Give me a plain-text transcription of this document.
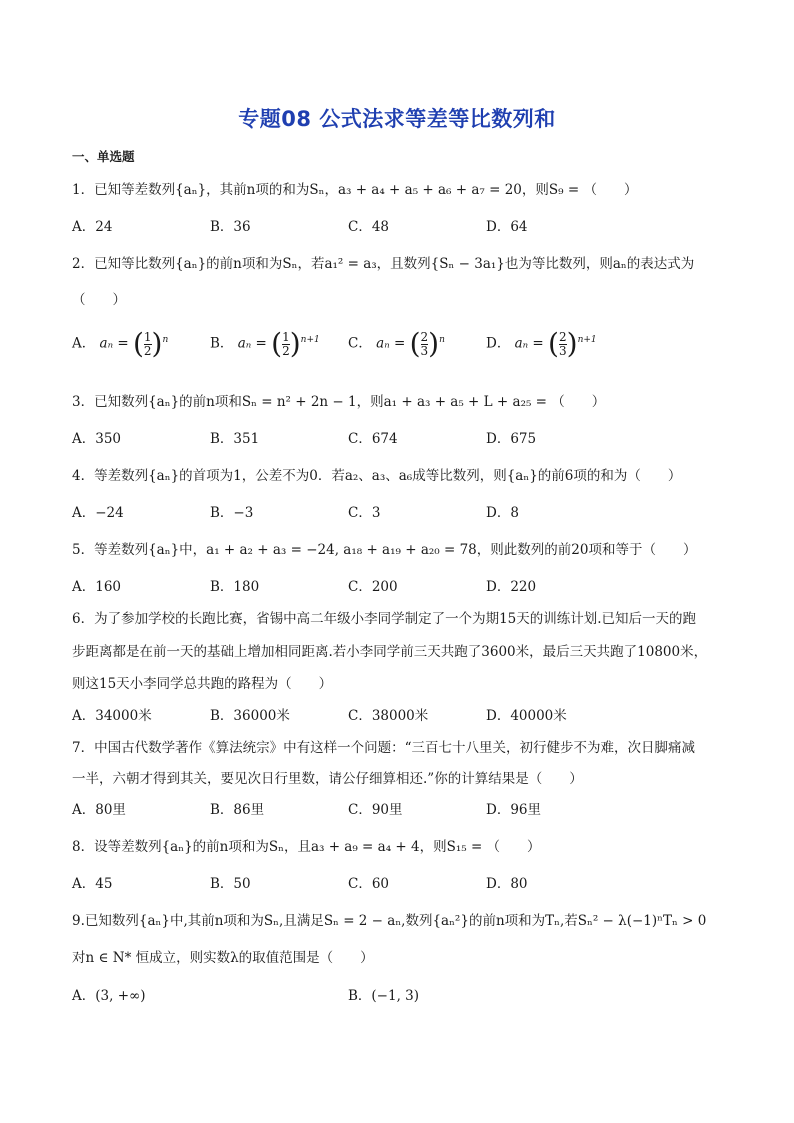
专题08 公式法求等差等比数列和
一、单选题
1．已知等差数列{aₙ}，其前n项的和为Sₙ，a₃ + a₄ + a₅ + a₆ + a₇ = 20，则S₉ = （　　）
A．24	B．36	C．48	D．64
2．已知等比数列{aₙ}的前n项和为Sₙ，若a₁² = a₃，且数列{Sₙ − 3a₁}也为等比数列，则aₙ的表达式为
（　　）
A． aₙ = ( $\frac{1}{2} )^n$	B． aₙ = ( $\frac{1}{2} )^{n+1}$ C． aₙ = ( $\frac{2}{3} )^n$	D． aₙ = ( $\frac{2}{3} )^{n+1}$
3．已知数列{aₙ}的前n项和Sₙ = n² + 2n − 1，则a₁ + a₃ + a₅ + L + a₂₅ = （　　）
A．350	B．351	C．674	D．675
4．等差数列{aₙ}的首项为1，公差不为0．若a₂、a₃、a₆成等比数列，则{aₙ}的前6项的和为（　　）
A．−24	B．−3	C．3	D．8
5．等差数列{aₙ}中，a₁ + a₂ + a₃ = −24, a₁₈ + a₁₉ + a₂₀ = 78，则此数列的前20项和等于（　　）
A．160	B．180	C．200	D．220
6．为了参加学校的长跑比赛，省锡中高二年级小李同学制定了一个为期15天的训练计划.已知后一天的跑
步距离都是在前一天的基础上增加相同距离.若小李同学前三天共跑了3600米，最后三天共跑了10800米，
则这15天小李同学总共跑的路程为（　　）
A．34000米	B．36000米	C．38000米	D．40000米
7．中国古代数学著作《算法统宗》中有这样一个问题：“三百七十八里关，初行健步不为难，次日脚痛减
一半，六朝才得到其关，要见次日行里数，请公仔细算相还.”你的计算结果是（　　）
A．80里	B．86里	C．90里	D．96里
8．设等差数列{aₙ}的前n项和为Sₙ，且a₃ + a₉ = a₄ + 4，则S₁₅ = （　　）
A．45	B．50	C．60	D．80
9.已知数列{aₙ}中,其前n项和为Sₙ,且满足Sₙ = 2 − aₙ,数列{aₙ²}的前n项和为Tₙ,若Sₙ² − λ(−1)ⁿTₙ > 0
对n ∈ N* 恒成立，则实数λ的取值范围是（　　）
A．(3, +∞)	B．(−1, 3)
